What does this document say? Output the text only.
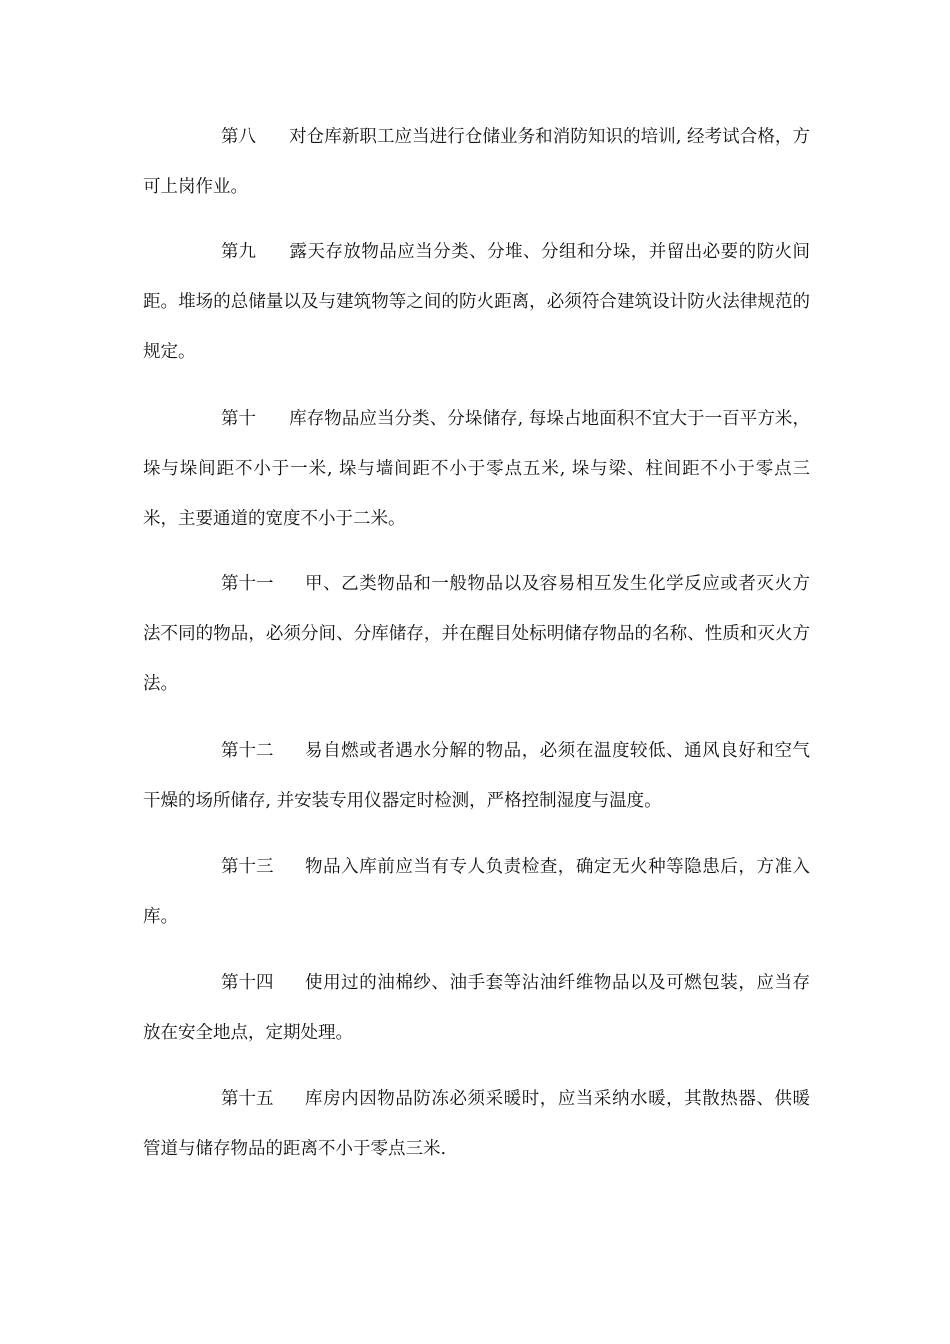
第八 对仓库新职工应当进行仓储业务和消防知识的培训, 经考试合格，方可上岗作业。

第九 露天存放物品应当分类、分堆、分组和分垛，并留出必要的防火间距。堆场的总储量以及与建筑物等之间的防火距离，必须符合建筑设计防火法律规范的规定。

第十 库存物品应当分类、分垛储存, 每垛占地面积不宜大于一百平方米，垛与垛间距不小于一米, 垛与墙间距不小于零点五米, 垛与梁、柱间距不小于零点三米，主要通道的宽度不小于二米。

第十一 甲、乙类物品和一般物品以及容易相互发生化学反应或者灭火方法不同的物品，必须分间、分库储存，并在醒目处标明储存物品的名称、性质和灭火方法。

第十二 易自燃或者遇水分解的物品，必须在温度较低、通风良好和空气干燥的场所储存, 并安装专用仪器定时检测，严格控制湿度与温度。

第十三 物品入库前应当有专人负责检查，确定无火种等隐患后，方准入库。

第十四 使用过的油棉纱、油手套等沾油纤维物品以及可燃包装，应当存放在安全地点，定期处理。

第十五 库房内因物品防冻必须采暖时，应当采纳水暖，其散热器、供暖管道与储存物品的距离不小于零点三米.
